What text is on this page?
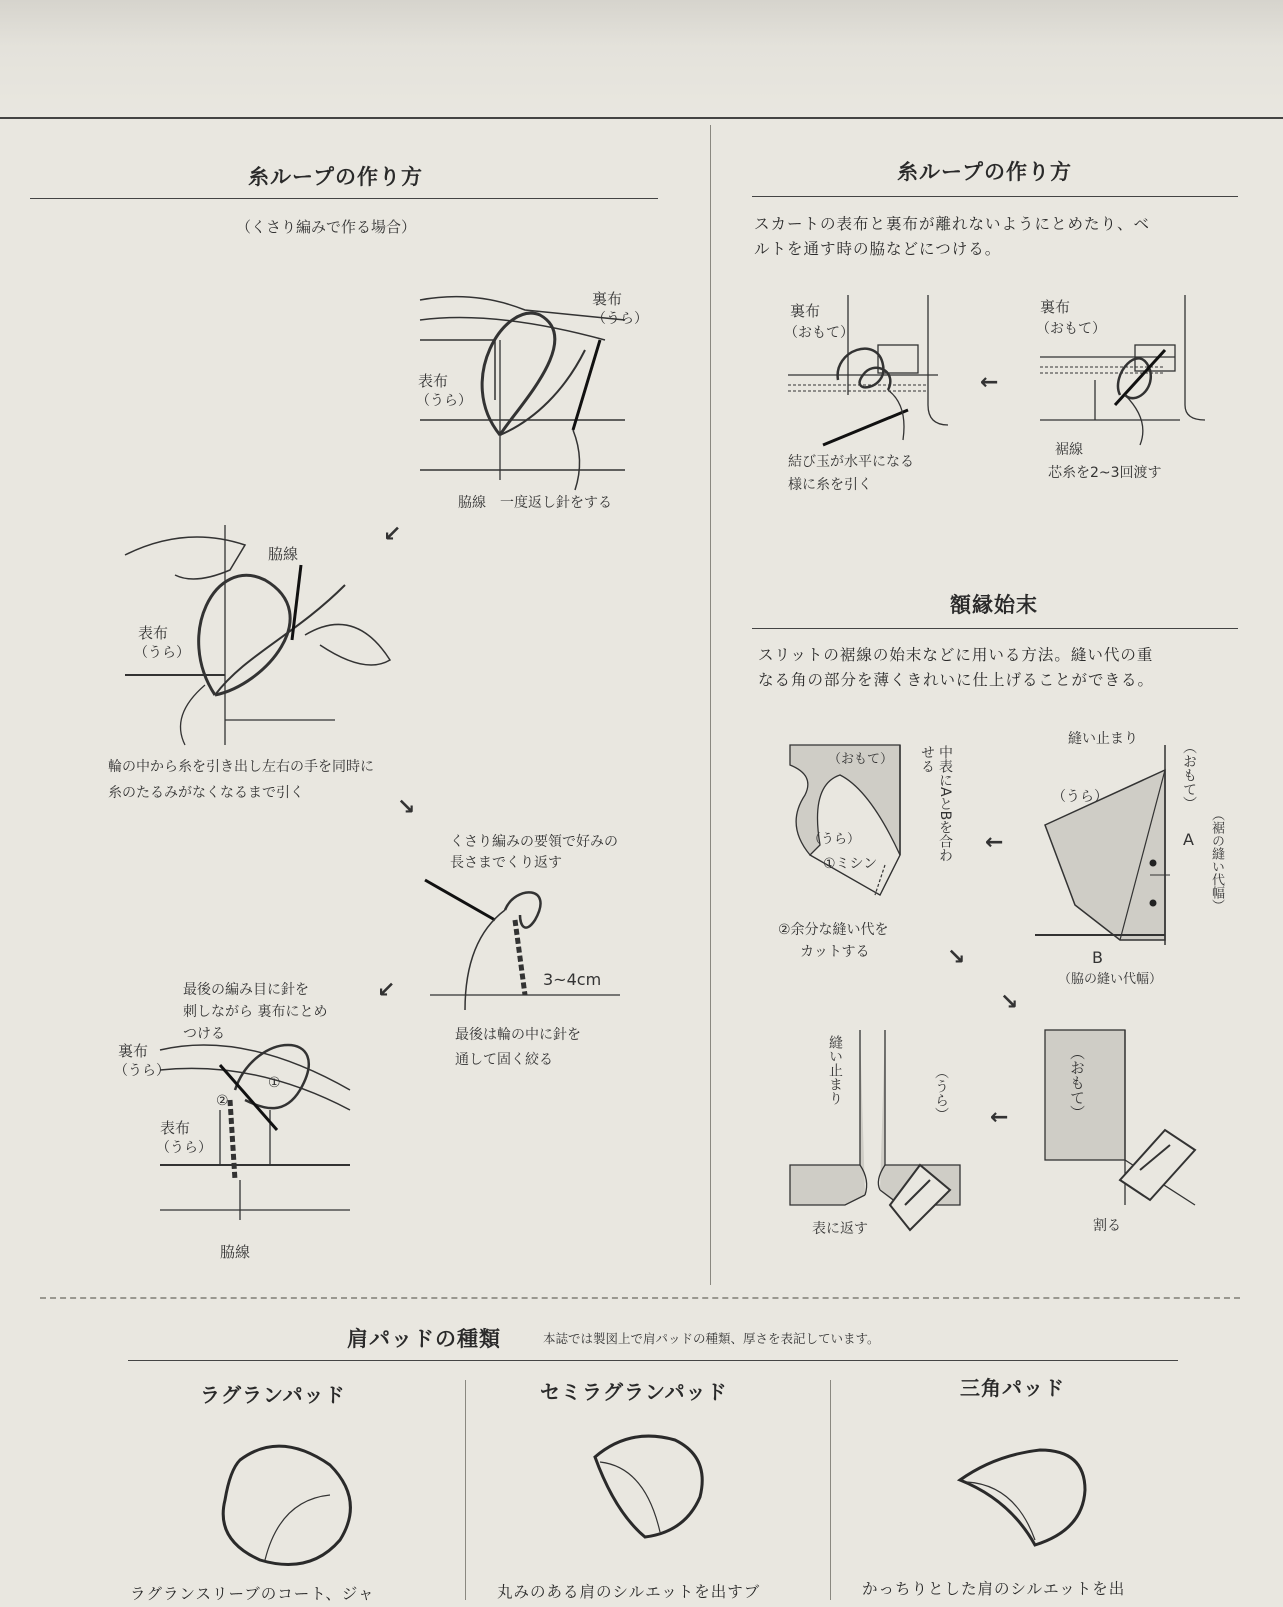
糸ループの作り方
（くさり編みで作る場合）
裏布
（うら）
表布
（うら）
脇線　一度返し針をする
↙
脇線
表布
（うら）
輪の中から糸を引き出し左右の手を同時に
糸のたるみがなくなるまで引く
↘
くさり編みの要領で好みの
長さまでくり返す
3~4cm
最後は輪の中に針を
通して固く絞る
↙
最後の編み目に針を
刺しながら 裏布にとめ
つける
裏布
（うら）
表布
（うら）
①
②
脇線
糸ループの作り方
スカートの表布と裏布が離れないようにとめたり、ベ
ルトを通す時の脇などにつける。
裏布
（おもて）
結び玉が水平になる
様に糸を引く
←
裏布
（おもて）
裾線
芯糸を2~3回渡す
額縁始末
スリットの裾線の始末などに用いる方法。縫い代の重
なる角の部分を薄くきれいに仕上げることができる。
縫い止まり
（うら）	（おもて）
（裾の縫い代幅）
A
B
（脇の縫い代幅）
←
（おもて）
（うら）	中表にAとBを合わせる
①ミシン
②余分な縫い代を
カットする	↘
↘
（おもて）
割る
←
縫い止まり	（うら）
表に返す
肩パッドの種類	本誌では製図上で肩パッドの種類、厚さを表記しています。
ラグランパッド
ラグランスリーブのコート、ジャ
セミラグランパッド
丸みのある肩のシルエットを出すブ
三角パッド
かっちりとした肩のシルエットを出
